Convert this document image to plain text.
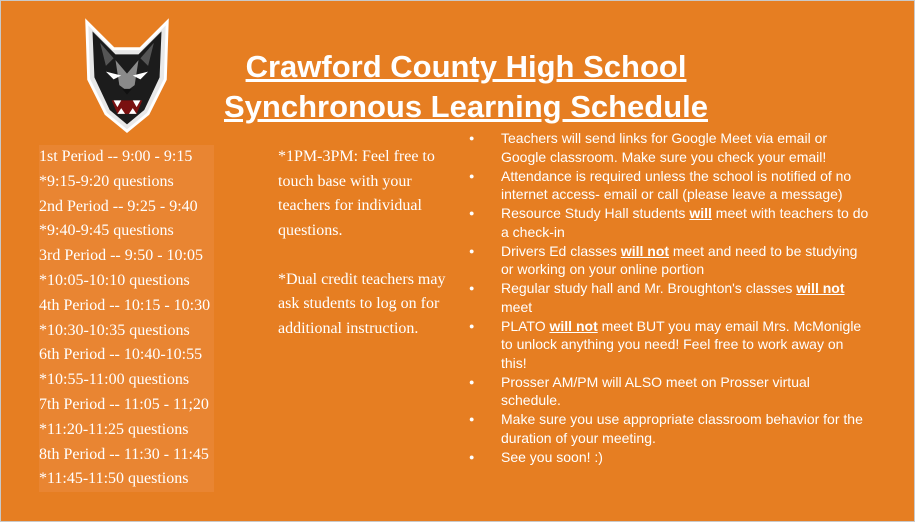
Crawford County High School
Synchronous Learning Schedule
1st Period -- 9:00 - 9:15
*9:15-9:20 questions
2nd Period -- 9:25 - 9:40
*9:40-9:45 questions
3rd Period -- 9:50 - 10:05
*10:05-10:10 questions
4th Period -- 10:15 - 10:30
*10:30-10:35 questions
6th Period -- 10:40-10:55
*10:55-11:00 questions
7th Period -- 11:05 - 11;20
*11:20-11:25 questions
8th Period -- 11:30 - 11:45
*11:45-11:50 questions

*1PM-3PM: Feel free to touch base with your teachers for individual questions.

*Dual credit teachers may ask students to log on for additional instruction.

● Teachers will send links for Google Meet via email or Google classroom. Make sure you check your email!
● Attendance is required unless the school is notified of no internet access- email or call (please leave a message)
● Resource Study Hall students will meet with teachers to do a check-in
● Drivers Ed classes will not meet and need to be studying or working on your online portion
● Regular study hall and Mr. Broughton's classes will not meet
● PLATO will not meet BUT you may email Mrs. McMonigle to unlock anything you need! Feel free to work away on this!
● Prosser AM/PM will ALSO meet on Prosser virtual schedule.
● Make sure you use appropriate classroom behavior for the duration of your meeting.
● See you soon! :)
